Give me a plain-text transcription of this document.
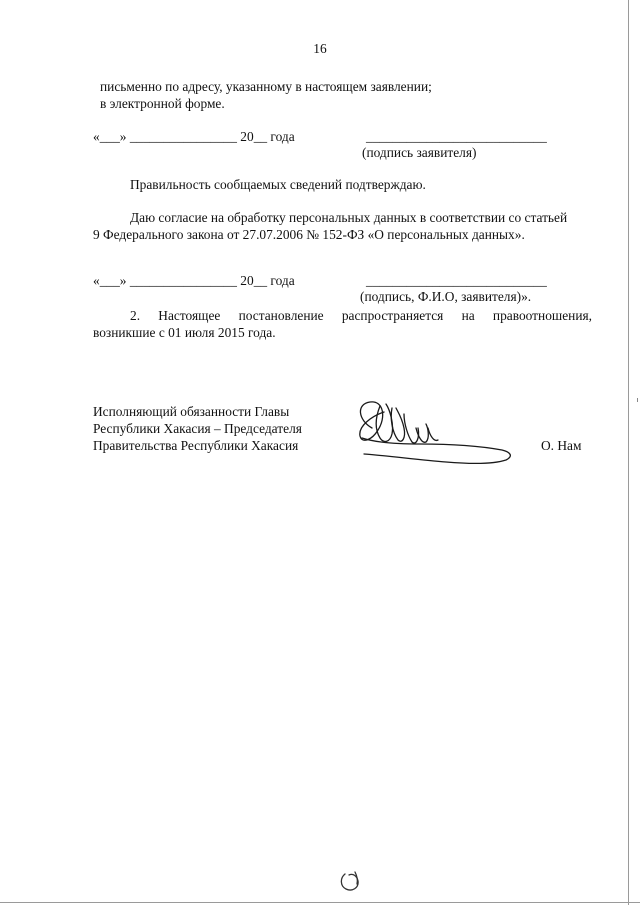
16
письменно по адресу, указанному в настоящем заявлении;
в электронной форме.
«___» ________________ 20__ года	___________________________
(подпись заявителя)
Правильность сообщаемых сведений подтверждаю.
Даю согласие на обработку персональных данных в соответствии со статьей
9 Федерального закона от 27.07.2006 № 152-ФЗ «О персональных данных».
«___» ________________ 20__ года	___________________________
(подпись, Ф.И.О, заявителя)».
2. Настоящее постановление распространяется на правоотношения,
возникшие с 01 июля 2015 года.
Исполняющий обязанности Главы
Республики Хакасия – Председателя
Правительства Республики Хакасия	О. Нам
